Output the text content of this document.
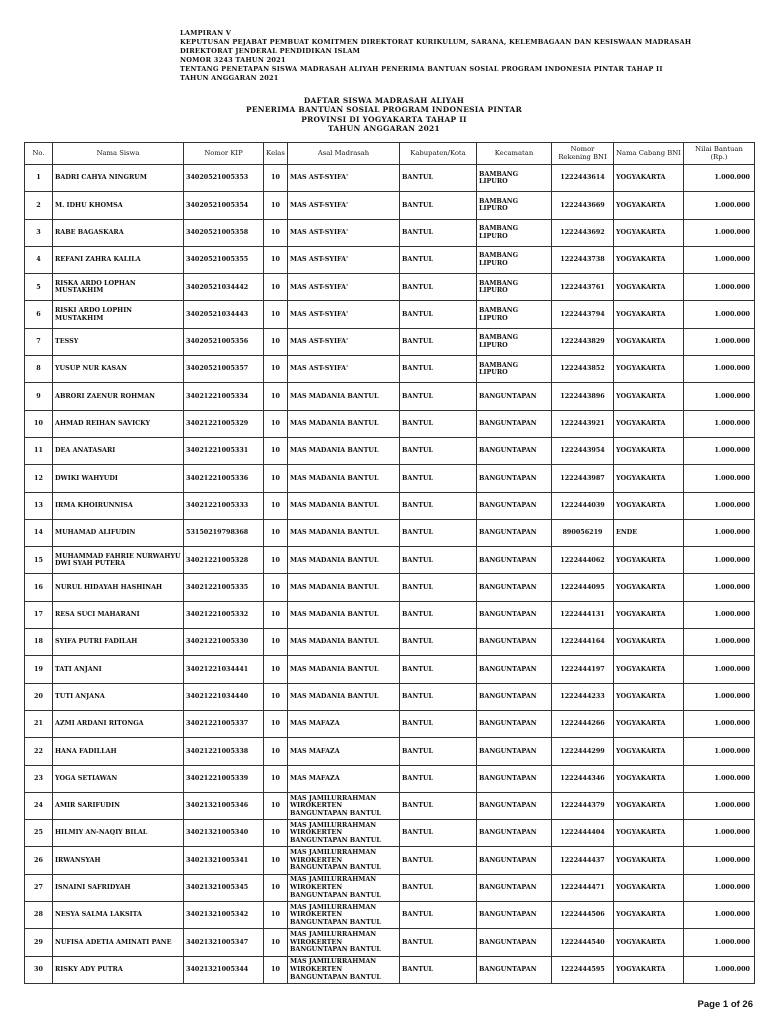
LAMPIRAN V
KEPUTUSAN PEJABAT PEMBUAT KOMITMEN DIREKTORAT KURIKULUM, SARANA, KELEMBAGAAN DAN KESISWAAN MADRASAH
DIREKTORAT JENDERAL PENDIDIKAN ISLAM
NOMOR 3243 TAHUN 2021
TENTANG PENETAPAN SISWA MADRASAH ALIYAH PENERIMA BANTUAN SOSIAL PROGRAM INDONESIA PINTAR TAHAP II
TAHUN ANGGARAN 2021
DAFTAR SISWA MADRASAH ALIYAH
PENERIMA BANTUAN SOSIAL PROGRAM INDONESIA PINTAR
PROVINSI DI YOGYAKARTA TAHAP II
TAHUN ANGGARAN 2021
No.	Nama Siswa	Nomor KIP	Kelas	Asal Madrasah	Kabupaten/Kota	Kecamatan	Nomor Rekening BNI	Nama Cabang BNI	Nilai Bantuan (Rp.)
1	BADRI CAHYA NINGRUM	34020521005353	10	MAS AST-SYIFA'	BANTUL	BAMBANG LIPURO	1222443614	YOGYAKARTA	1.000.000
2	M. IDHU KHOMSA	34020521005354	10	MAS AST-SYIFA'	BANTUL	BAMBANG LIPURO	1222443669	YOGYAKARTA	1.000.000
3	RABE BAGASKARA	34020521005358	10	MAS AST-SYIFA'	BANTUL	BAMBANG LIPURO	1222443692	YOGYAKARTA	1.000.000
4	REFANI ZAHRA KALILA	34020521005355	10	MAS AST-SYIFA'	BANTUL	BAMBANG LIPURO	1222443738	YOGYAKARTA	1.000.000
5	RISKA ARDO LOPHAN MUSTAKHIM	34020521034442	10	MAS AST-SYIFA'	BANTUL	BAMBANG LIPURO	1222443761	YOGYAKARTA	1.000.000
6	RISKI ARDO LOPHIN MUSTAKHIM	34020521034443	10	MAS AST-SYIFA'	BANTUL	BAMBANG LIPURO	1222443794	YOGYAKARTA	1.000.000
7	TESSY	34020521005356	10	MAS AST-SYIFA'	BANTUL	BAMBANG LIPURO	1222443829	YOGYAKARTA	1.000.000
8	YUSUP NUR KASAN	34020521005357	10	MAS AST-SYIFA'	BANTUL	BAMBANG LIPURO	1222443852	YOGYAKARTA	1.000.000
9	ABRORI ZAENUR ROHMAN	34021221005334	10	MAS MADANIA BANTUL	BANTUL	BANGUNTAPAN	1222443896	YOGYAKARTA	1.000.000
10	AHMAD REIHAN SAVICKY	34021221005329	10	MAS MADANIA BANTUL	BANTUL	BANGUNTAPAN	1222443921	YOGYAKARTA	1.000.000
11	DEA ANATASARI	34021221005331	10	MAS MADANIA BANTUL	BANTUL	BANGUNTAPAN	1222443954	YOGYAKARTA	1.000.000
12	DWIKI WAHYUDI	34021221005336	10	MAS MADANIA BANTUL	BANTUL	BANGUNTAPAN	1222443987	YOGYAKARTA	1.000.000
13	IRMA KHOIRUNNISA	34021221005333	10	MAS MADANIA BANTUL	BANTUL	BANGUNTAPAN	1222444039	YOGYAKARTA	1.000.000
14	MUHAMAD ALIFUDIN	53150219798368	10	MAS MADANIA BANTUL	BANTUL	BANGUNTAPAN	890056219	ENDE	1.000.000
15	MUHAMMAD FAHRIE NURWAHYU DWI SYAH PUTERA	34021221005328	10	MAS MADANIA BANTUL	BANTUL	BANGUNTAPAN	1222444062	YOGYAKARTA	1.000.000
16	NURUL HIDAYAH HASHINAH	34021221005335	10	MAS MADANIA BANTUL	BANTUL	BANGUNTAPAN	1222444095	YOGYAKARTA	1.000.000
17	RESA SUCI MAHARANI	34021221005332	10	MAS MADANIA BANTUL	BANTUL	BANGUNTAPAN	1222444131	YOGYAKARTA	1.000.000
18	SYIFA PUTRI FADILAH	34021221005330	10	MAS MADANIA BANTUL	BANTUL	BANGUNTAPAN	1222444164	YOGYAKARTA	1.000.000
19	TATI ANJANI	34021221034441	10	MAS MADANIA BANTUL	BANTUL	BANGUNTAPAN	1222444197	YOGYAKARTA	1.000.000
20	TUTI ANJANA	34021221034440	10	MAS MADANIA BANTUL	BANTUL	BANGUNTAPAN	1222444233	YOGYAKARTA	1.000.000
21	AZMI ARDANI RITONGA	34021221005337	10	MAS MAFAZA	BANTUL	BANGUNTAPAN	1222444266	YOGYAKARTA	1.000.000
22	HANA FADILLAH	34021221005338	10	MAS MAFAZA	BANTUL	BANGUNTAPAN	1222444299	YOGYAKARTA	1.000.000
23	YOGA SETIAWAN	34021221005339	10	MAS MAFAZA	BANTUL	BANGUNTAPAN	1222444346	YOGYAKARTA	1.000.000
24	AMIR SARIFUDIN	34021321005346	10	MAS JAMILURRAHMAN WIROKERTEN BANGUNTAPAN BANTUL	BANTUL	BANGUNTAPAN	1222444379	YOGYAKARTA	1.000.000
25	HILMIY AN-NAQIY BILAL	34021321005340	10	MAS JAMILURRAHMAN WIROKERTEN BANGUNTAPAN BANTUL	BANTUL	BANGUNTAPAN	1222444404	YOGYAKARTA	1.000.000
26	IRWANSYAH	34021321005341	10	MAS JAMILURRAHMAN WIROKERTEN BANGUNTAPAN BANTUL	BANTUL	BANGUNTAPAN	1222444437	YOGYAKARTA	1.000.000
27	ISNAINI SAFRIDYAH	34021321005345	10	MAS JAMILURRAHMAN WIROKERTEN BANGUNTAPAN BANTUL	BANTUL	BANGUNTAPAN	1222444471	YOGYAKARTA	1.000.000
28	NESYA SALMA LAKSITA	34021321005342	10	MAS JAMILURRAHMAN WIROKERTEN BANGUNTAPAN BANTUL	BANTUL	BANGUNTAPAN	1222444506	YOGYAKARTA	1.000.000
29	NUFISA ADETIA AMINATI PANE	34021321005347	10	MAS JAMILURRAHMAN WIROKERTEN BANGUNTAPAN BANTUL	BANTUL	BANGUNTAPAN	1222444540	YOGYAKARTA	1.000.000
30	RISKY ADY PUTRA	34021321005344	10	MAS JAMILURRAHMAN WIROKERTEN BANGUNTAPAN BANTUL	BANTUL	BANGUNTAPAN	1222444595	YOGYAKARTA	1.000.000
Page 1 of 26
